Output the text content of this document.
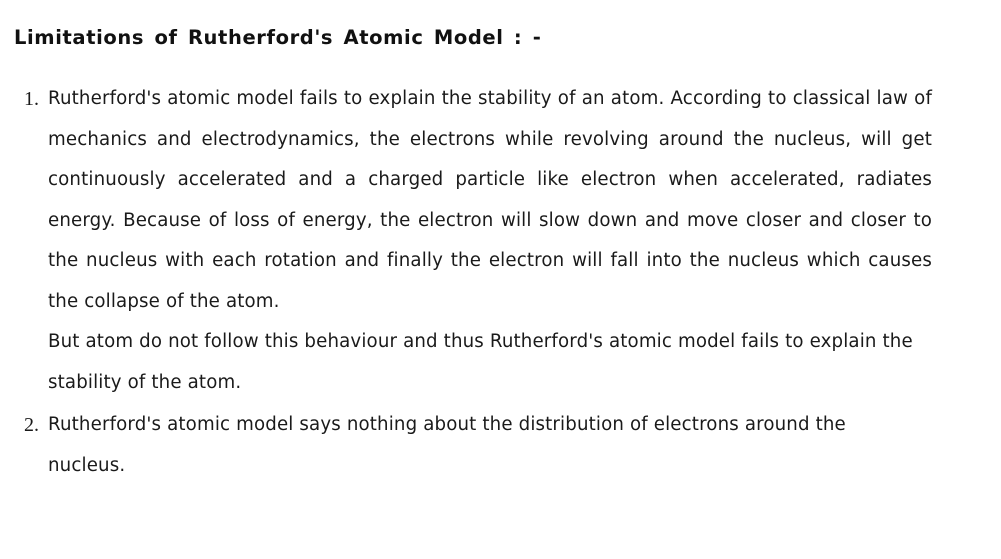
Limitations of Rutherford's Atomic Model : -
1. Rutherford's atomic model fails to explain the stability of an atom. According to classical law of mechanics and electrodynamics, the electrons while revolving around the nucleus, will get continuously accelerated and a charged particle like electron when accelerated, radiates energy. Because of loss of energy, the electron will slow down and move closer and closer to the nucleus with each rotation and finally the electron will fall into the nucleus which causes the collapse of the atom.

But atom do not follow this behaviour and thus Rutherford's atomic model fails to explain the stability of the atom.

2. Rutherford's atomic model says nothing about the distribution of electrons around the nucleus.
